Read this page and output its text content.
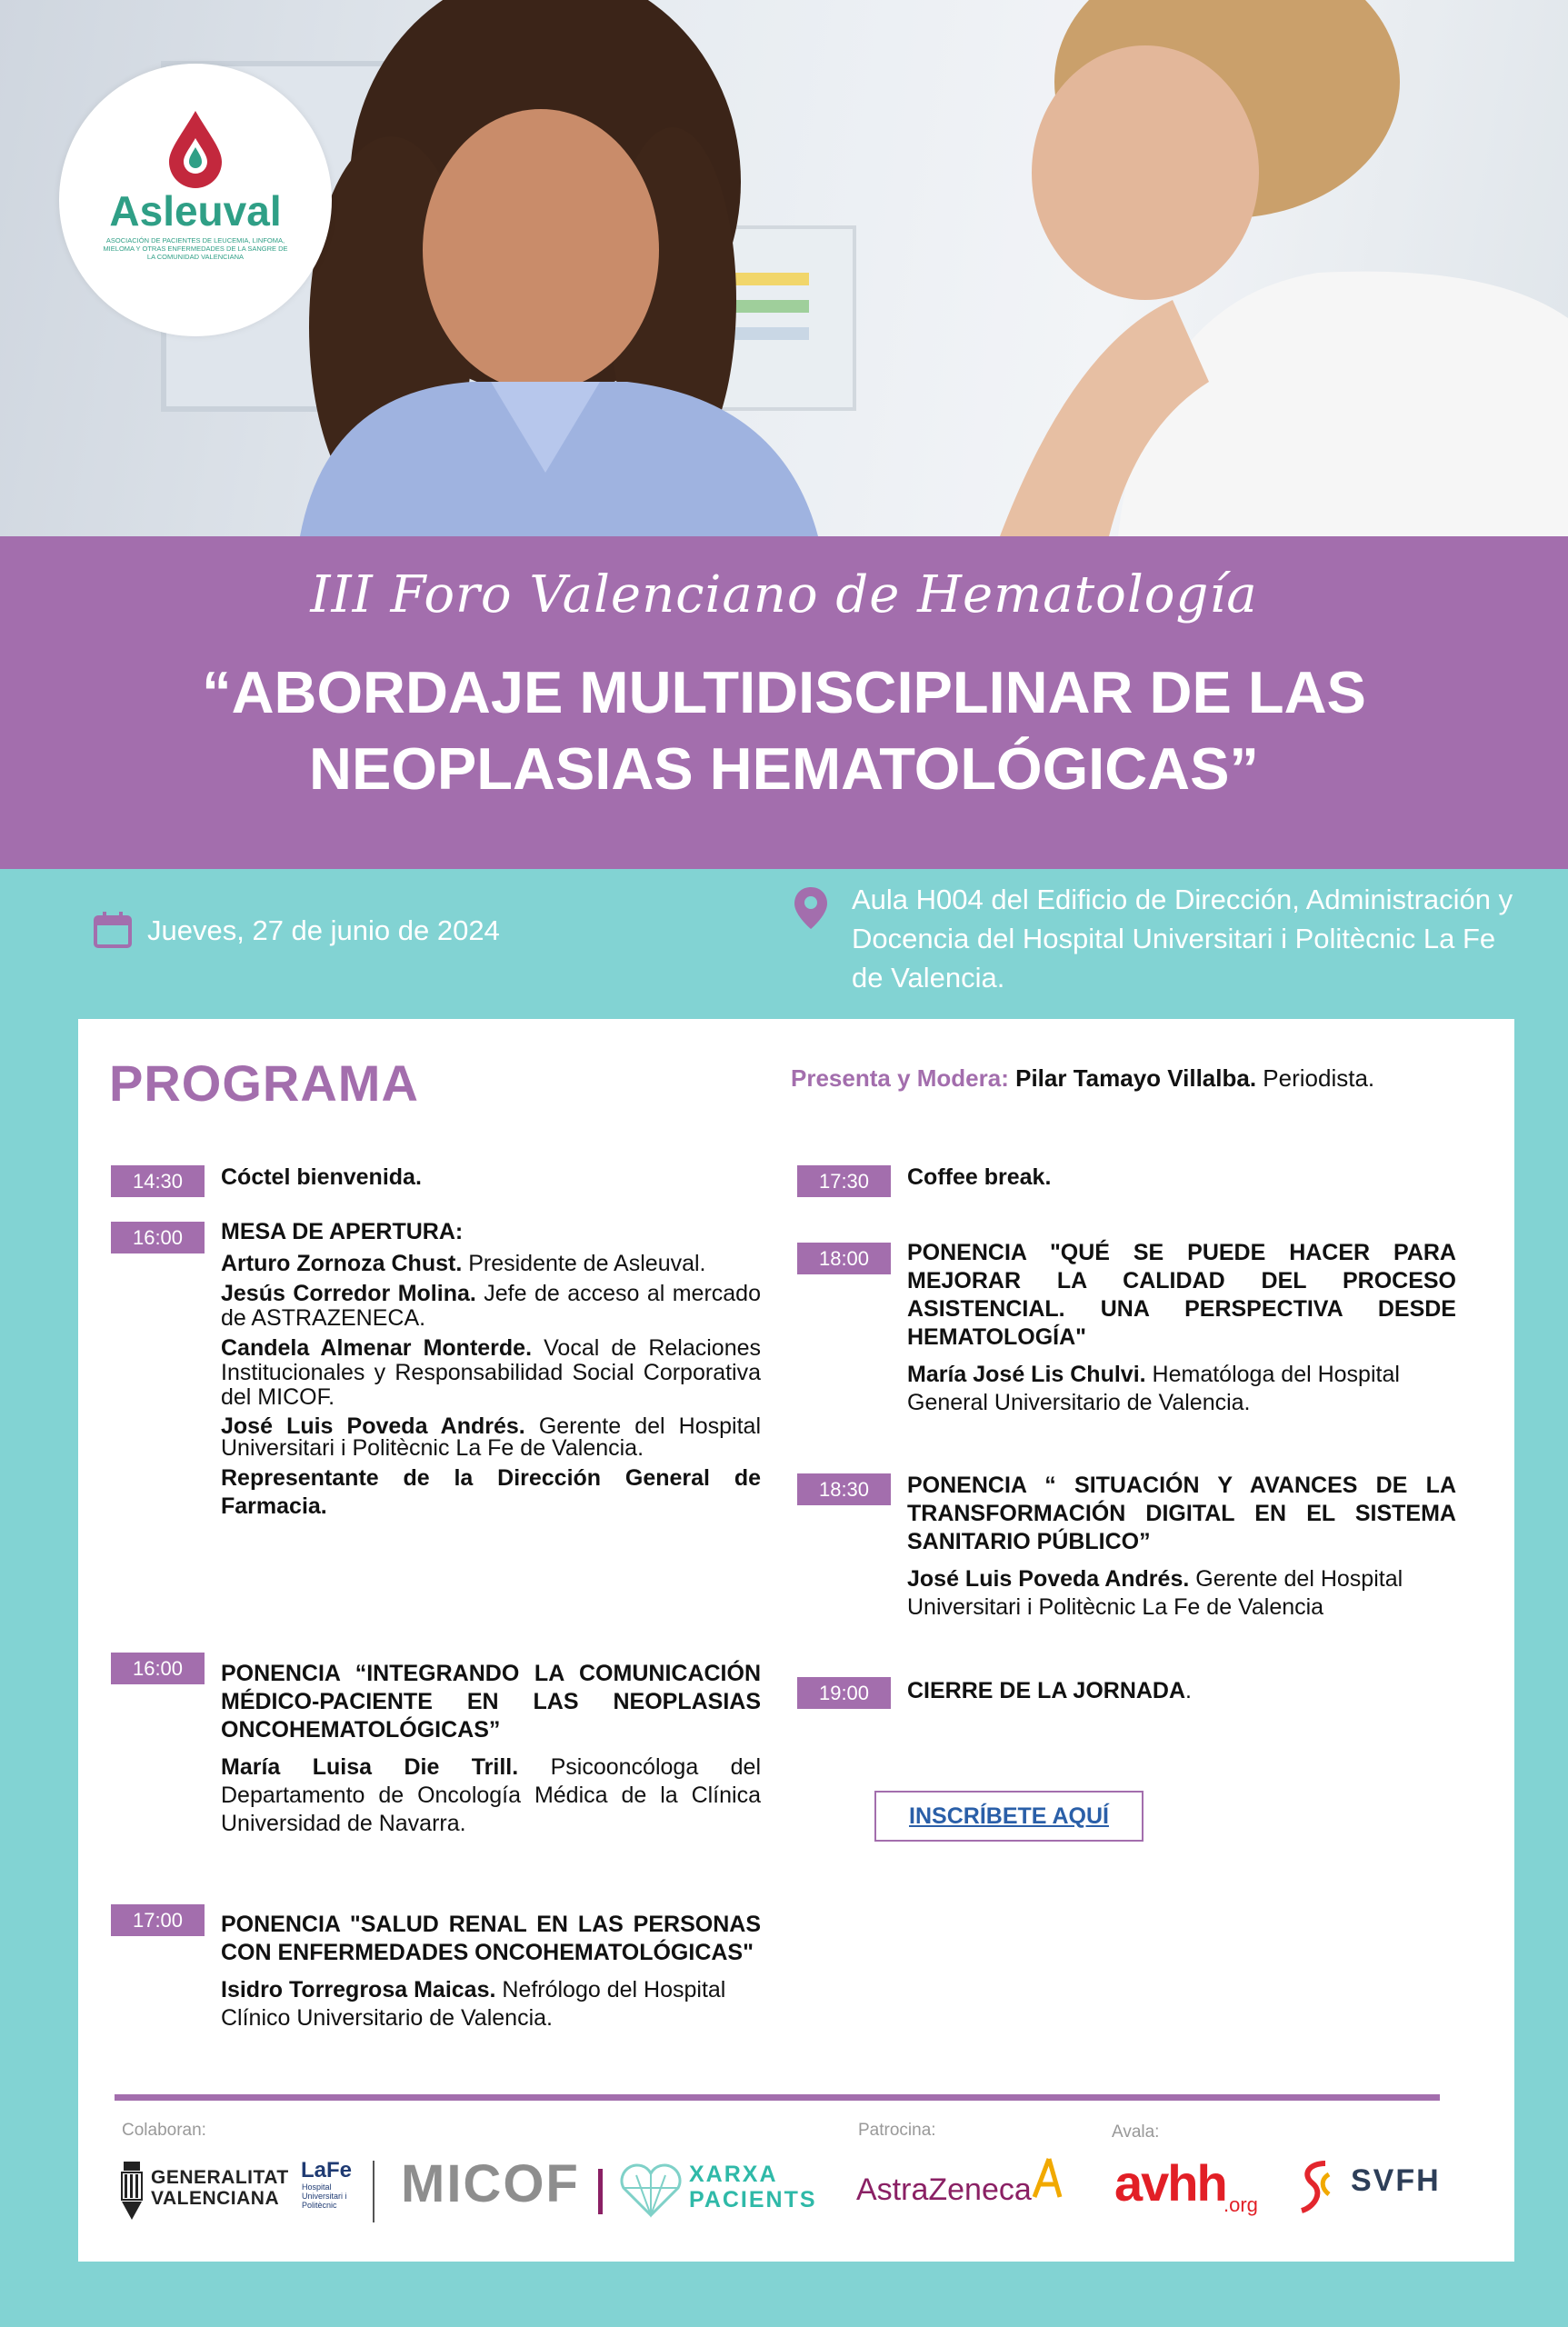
Asleuval
ASOCIACIÓN DE PACIENTES DE LEUCEMIA, LINFOMA, MIELOMA Y OTRAS ENFERMEDADES DE LA SANGRE DE LA COMUNIDAD VALENCIANA
III Foro Valenciano de Hematología
“ABORDAJE MULTIDISCIPLINAR DE LAS NEOPLASIAS HEMATOLÓGICAS”
Jueves, 27 de junio de 2024
Aula H004 del Edificio de Dirección, Administración y Docencia del Hospital Universitari i Politècnic La Fe de Valencia.
PROGRAMA	Presenta y Modera: Pilar Tamayo Villalba. Periodista.
14:30	Cóctel bienvenida.
16:00	MESA DE APERTURA:
Arturo Zornoza Chust. Presidente de Asleuval.
Jesús Corredor Molina. Jefe de acceso al mercado de ASTRAZENECA.
Candela Almenar Monterde. Vocal de Relaciones Institucionales y Responsabilidad Social Corporativa del MICOF.
José Luis Poveda Andrés. Gerente del Hospital Universitari i Politècnic La Fe de Valencia.
Representante de la Dirección General de Farmacia.
16:00	PONENCIA “INTEGRANDO LA COMUNICACIÓN MÉDICO-PACIENTE EN LAS NEOPLASIAS ONCOHEMATOLÓGICAS”
María Luisa Die Trill. Psicooncóloga del Departamento de Oncología Médica de la Clínica Universidad de Navarra.
17:00	PONENCIA "SALUD RENAL EN LAS PERSONAS CON ENFERMEDADES ONCOHEMATOLÓGICAS"
Isidro Torregrosa Maicas. Nefrólogo del Hospital Clínico Universitario de Valencia.
17:30	Coffee break.
18:00	PONENCIA "QUÉ SE PUEDE HACER PARA MEJORAR LA CALIDAD DEL PROCESO ASISTENCIAL. UNA PERSPECTIVA DESDE HEMATOLOGÍA"
María José Lis Chulvi. Hematóloga del Hospital General Universitario de Valencia.
18:30	PONENCIA “ SITUACIÓN Y AVANCES DE LA TRANSFORMACIÓN DIGITAL EN EL SISTEMA SANITARIO PÚBLICO”
José Luis Poveda Andrés. Gerente del Hospital Universitari i Politècnic La Fe de Valencia
19:00	CIERRE DE LA JORNADA.
INSCRÍBETE AQUÍ
Colaboran:	Patrocina:	Avala:
GENERALITAT VALENCIANA
LaFe
Hospital Universitari i Politècnic MICOF	XARXA PACIENTS AstraZeneca avhh
.org
SVFH
